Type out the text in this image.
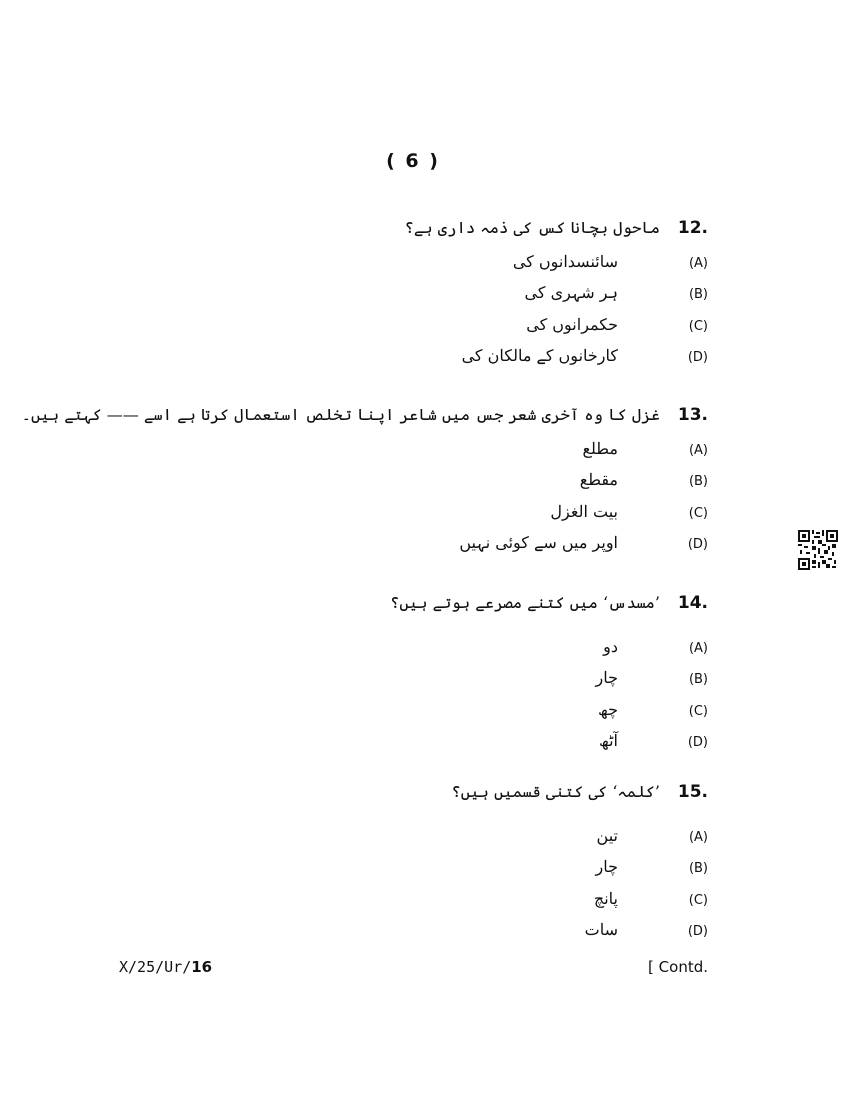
( 6 )
12.
ماحول بچانا کس کی ذمہ داری ہے؟
(A)
سائنسدانوں کی
(B)
ہر شہری کی
(C)
حکمرانوں کی
(D)
کارخانوں کے مالکان کی
13.
غزل کا وہ آخری شعر جس میں شاعر اپنا تخلص استعمال کرتا ہے اسے —— کہتے ہیں۔
(A)
مطلع
(B)
مقطع
(C)
بیت الغزل
(D)
اوپر میں سے کوئی نہیں
14.
’مسدس‘ میں کتنے مصرعے ہوتے ہیں؟
(A)
دو
(B)
چار
(C)
چھ
(D)
آٹھ
15.
’کلمہ‘ کی کتنی قسمیں ہیں؟
(A)
تین
(B)
چار
(C)
پانچ
(D)
سات
X/25/Ur/16	[ Contd.
